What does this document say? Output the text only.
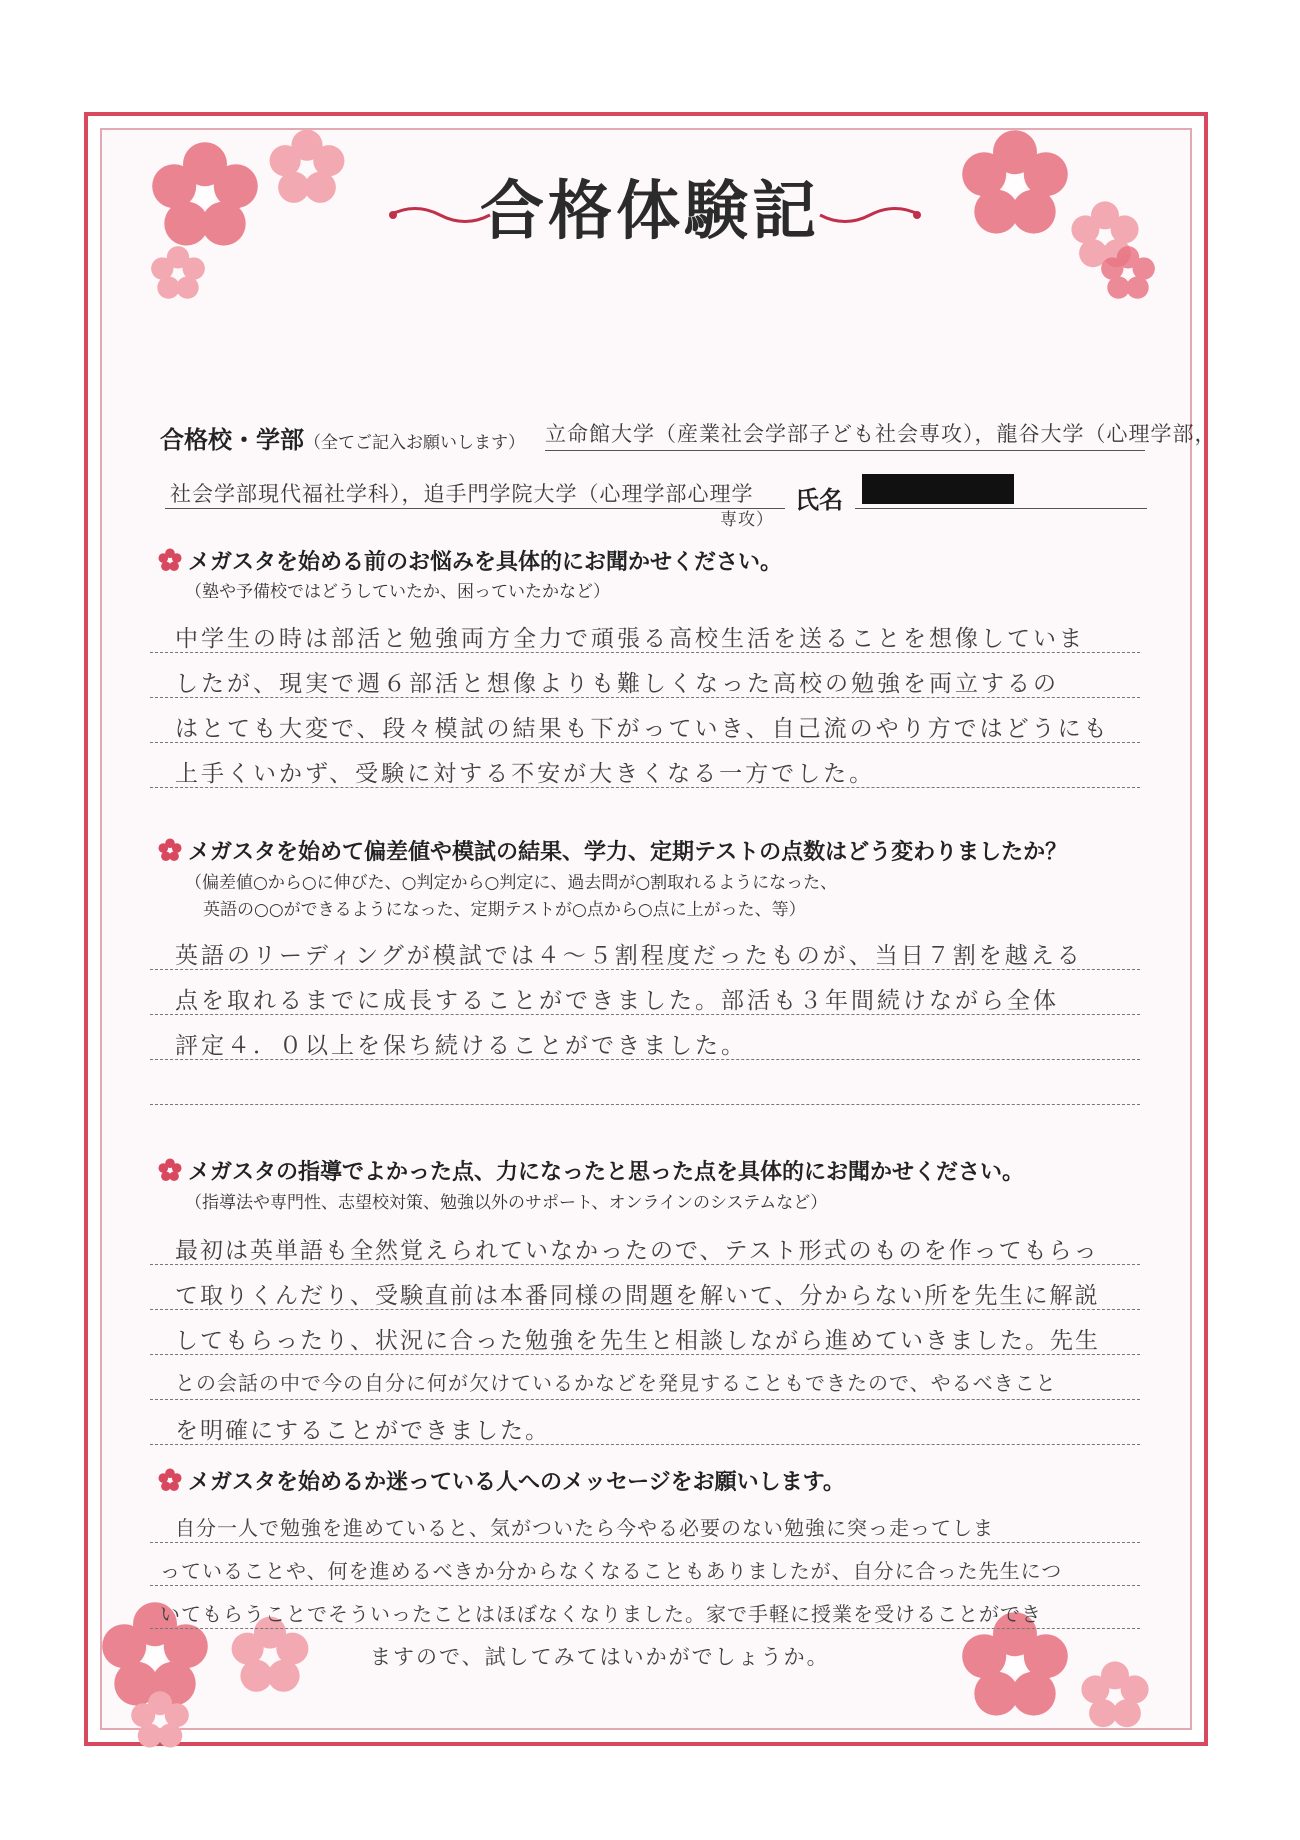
合格体験記
合格校・学部（全てご記入お願いします） 立命館大学（産業社会学部子ども社会専攻），龍谷大学（心理学部，
社会学部現代福社学科），追手門学院大学（心理学部心理学
専攻）
氏名
メガスタを始める前のお悩みを具体的にお聞かせください。
（塾や予備校ではどうしていたか、困っていたかなど）
中学生の時は部活と勉強両方全力で頑張る高校生活を送ることを想像していま
したが、現実で週６部活と想像よりも難しくなった高校の勉強を両立するの
はとても大変で、段々模試の結果も下がっていき、自己流のやり方ではどうにも
上手くいかず、受験に対する不安が大きくなる一方でした。
メガスタを始めて偏差値や模試の結果、学力、定期テストの点数はどう変わりましたか？
（偏差値○から○に伸びた、○判定から○判定に、過去問が○割取れるようになった、
英語の○○ができるようになった、定期テストが○点から○点に上がった、等）
英語のリーディングが模試では４～５割程度だったものが、当日７割を越える
点を取れるまでに成長することができました。部活も３年間続けながら全体
評定４．０以上を保ち続けることができました。
メガスタの指導でよかった点、力になったと思った点を具体的にお聞かせください。
（指導法や専門性、志望校対策、勉強以外のサポート、オンラインのシステムなど）
最初は英単語も全然覚えられていなかったので、テスト形式のものを作ってもらっ
て取りくんだり、受験直前は本番同様の問題を解いて、分からない所を先生に解説
してもらったり、状況に合った勉強を先生と相談しながら進めていきました。先生
との会話の中で今の自分に何が欠けているかなどを発見することもできたので、やるべきこと
を明確にすることができました。
メガスタを始めるか迷っている人へのメッセージをお願いします。
自分一人で勉強を進めていると、気がついたら今やる必要のない勉強に突っ走ってしま
っていることや、何を進めるべきか分からなくなることもありましたが、自分に合った先生につ
いてもらうことでそういったことはほぼなくなりました。家で手軽に授業を受けることができ
ますので、試してみてはいかがでしょうか。
